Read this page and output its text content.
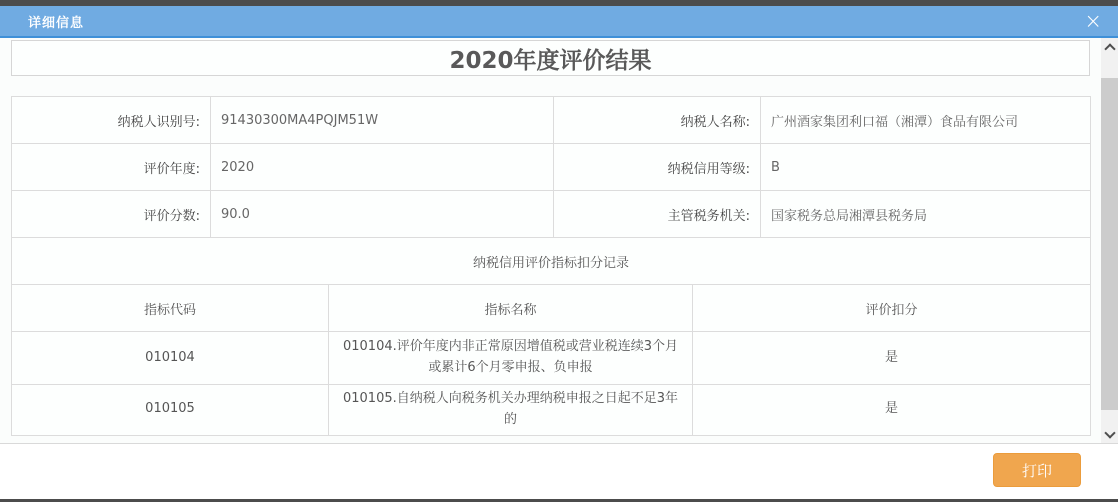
详细信息	×
2020年度评价结果
纳税人识别号:	91430300MA4PQJM51W	纳税人名称:	广州酒家集团利口福（湘潭）食品有限公司
评价年度:	2020	纳税信用等级:	B
评价分数:	90.0	主管税务机关:	国家税务总局湘潭县税务局
纳税信用评价指标扣分记录			
指标代码	指标名称	评价扣分
010104	010104.评价年度内非正常原因增值税或营业税连续3个月或累计6个月零申报、负申报	是
010105	010105.自纳税人向税务机关办理纳税申报之日起不足3年的	是
打印
